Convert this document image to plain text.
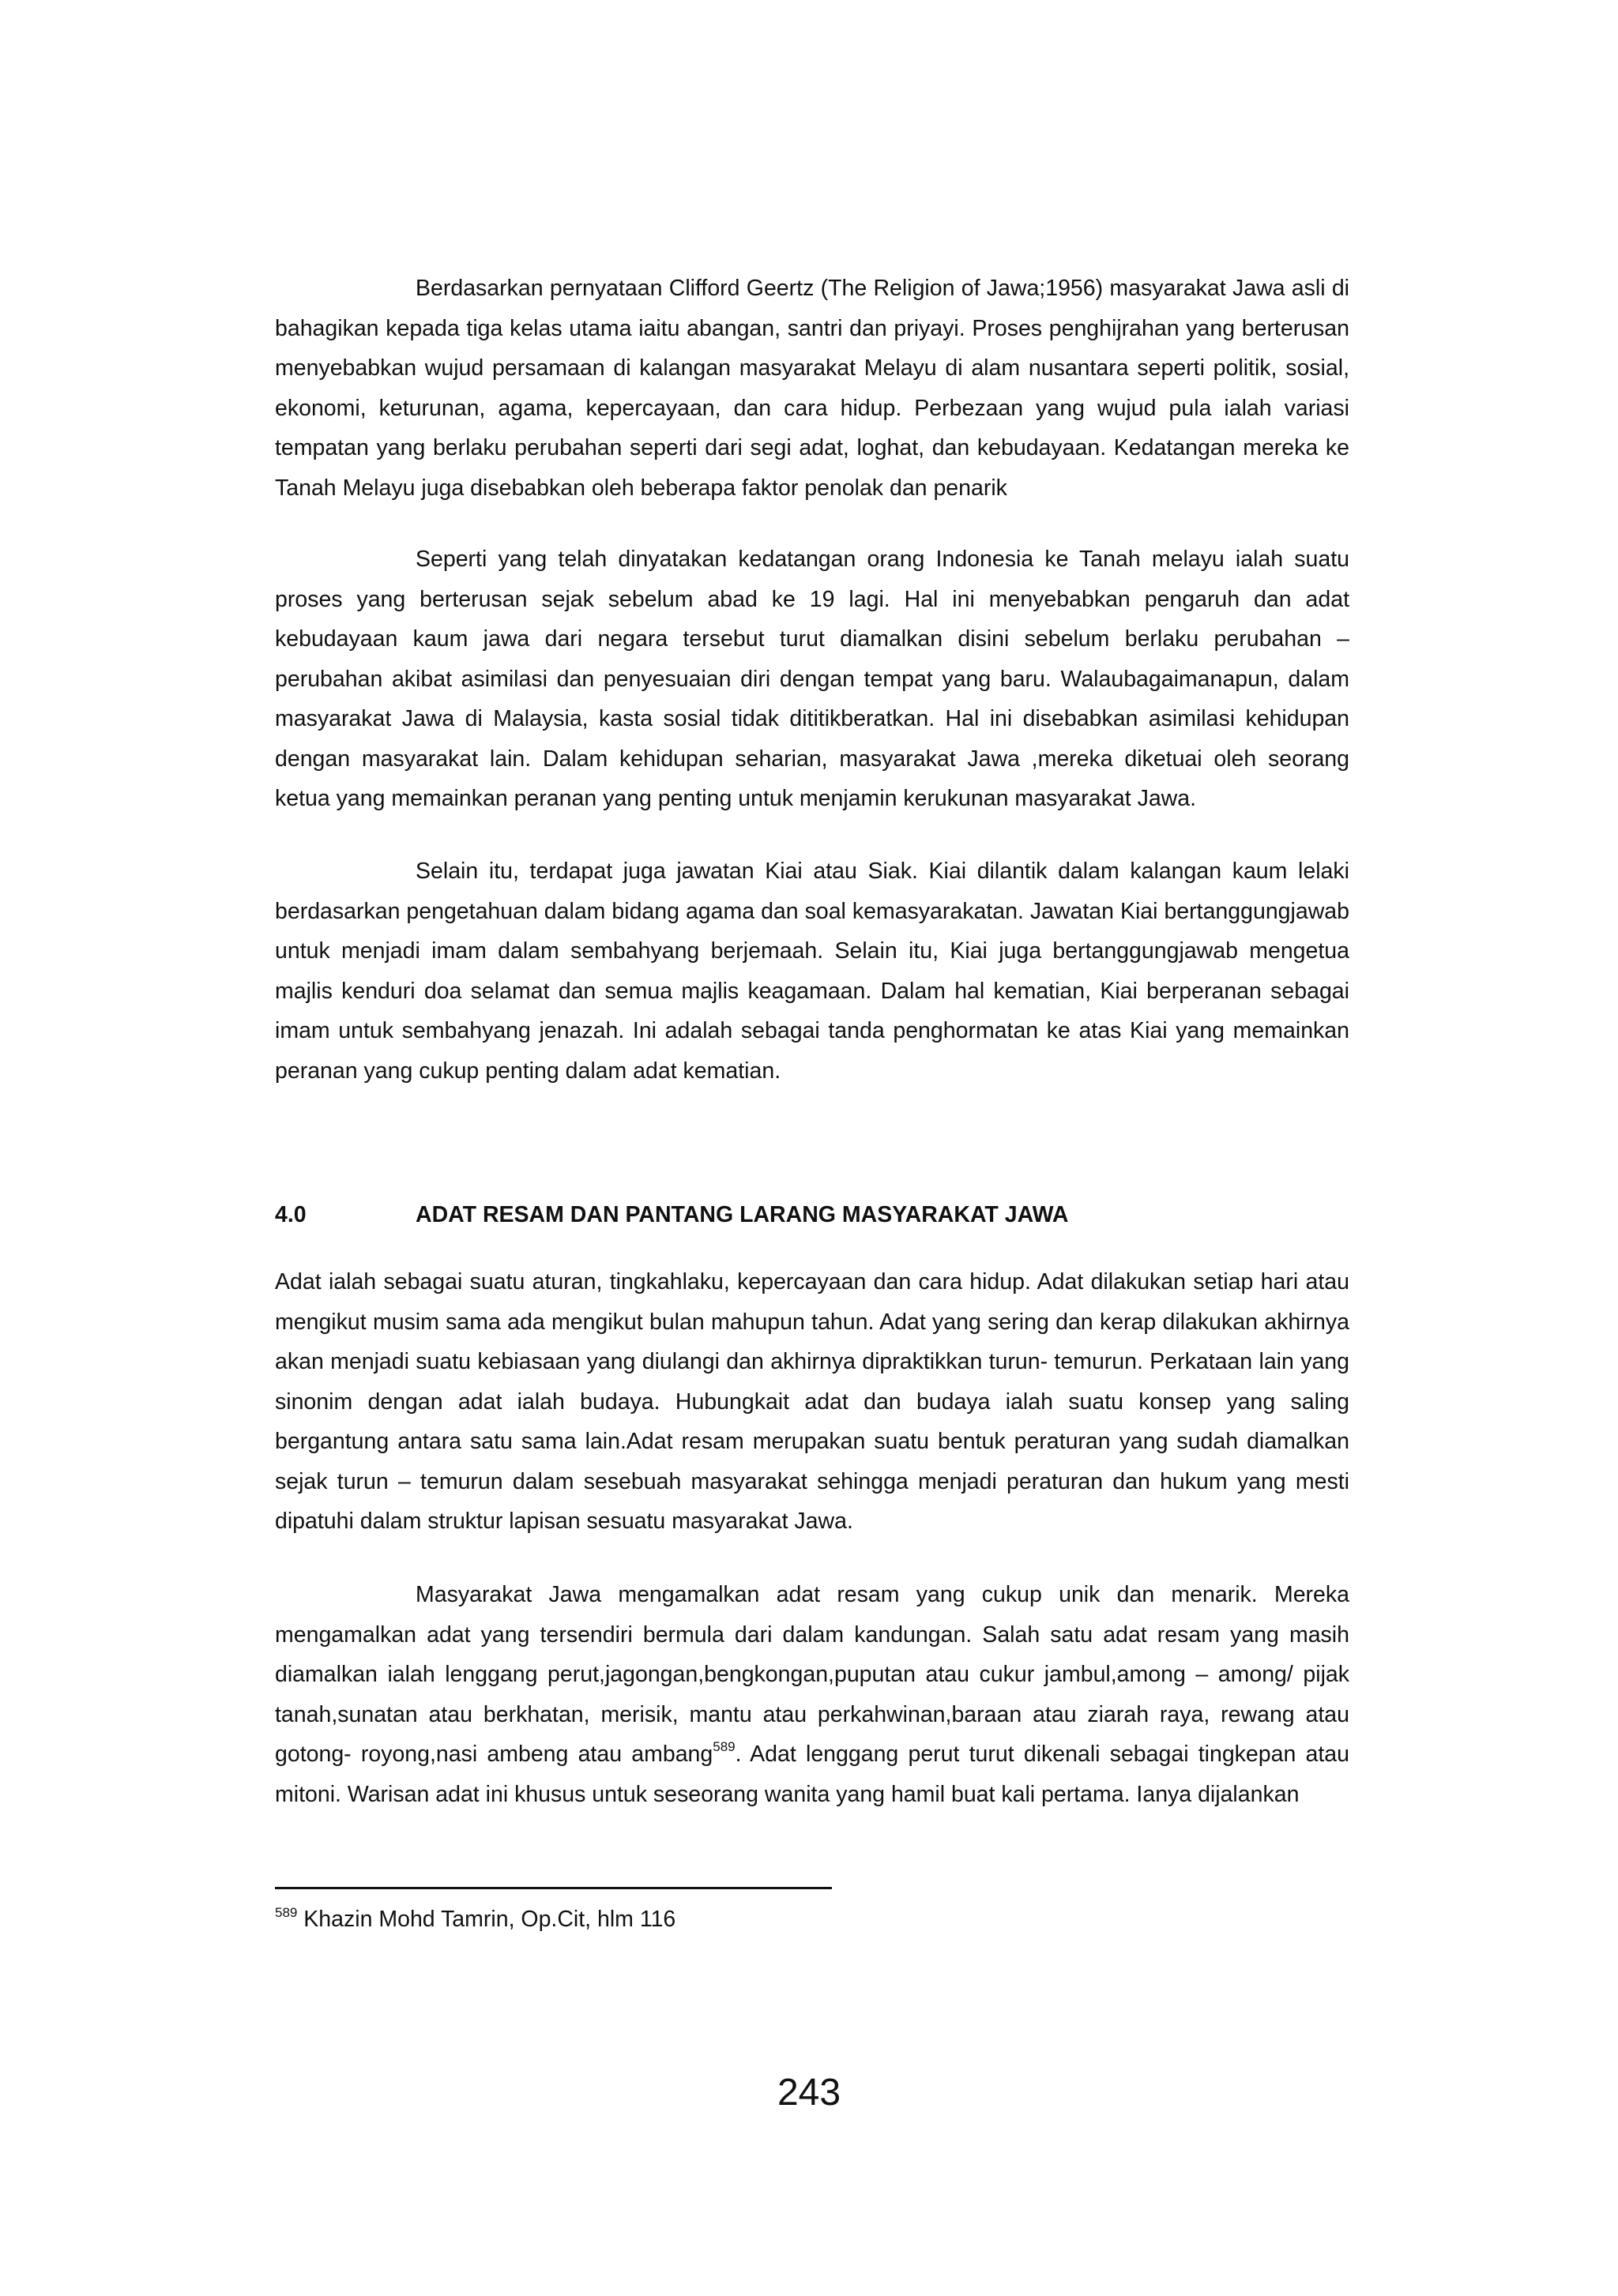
Berdasarkan pernyataan Clifford Geertz (The Religion of Jawa;1956) masyarakat Jawa asli di bahagikan kepada tiga kelas utama iaitu abangan, santri dan priyayi. Proses penghijrahan yang berterusan menyebabkan wujud persamaan di kalangan masyarakat Melayu di alam nusantara seperti politik, sosial, ekonomi, keturunan, agama, kepercayaan, dan cara hidup. Perbezaan yang wujud pula ialah variasi tempatan yang berlaku perubahan seperti dari segi adat, loghat, dan kebudayaan. Kedatangan mereka ke Tanah Melayu juga disebabkan oleh beberapa faktor penolak dan penarik

Seperti yang telah dinyatakan kedatangan orang Indonesia ke Tanah melayu ialah suatu proses yang berterusan sejak sebelum abad ke 19 lagi. Hal ini menyebabkan pengaruh dan adat kebudayaan kaum jawa dari negara tersebut turut diamalkan disini sebelum berlaku perubahan – perubahan akibat asimilasi dan penyesuaian diri dengan tempat yang baru. Walaubagaimanapun, dalam masyarakat Jawa di Malaysia, kasta sosial tidak dititikberatkan. Hal ini disebabkan asimilasi kehidupan dengan masyarakat lain. Dalam kehidupan seharian, masyarakat Jawa ,mereka diketuai oleh seorang ketua yang memainkan peranan yang penting untuk menjamin kerukunan masyarakat Jawa.

Selain itu, terdapat juga jawatan Kiai atau Siak. Kiai dilantik dalam kalangan kaum lelaki berdasarkan pengetahuan dalam bidang agama dan soal kemasyarakatan. Jawatan Kiai bertanggungjawab untuk menjadi imam dalam sembahyang berjemaah. Selain itu, Kiai juga bertanggungjawab mengetua majlis kenduri doa selamat dan semua majlis keagamaan. Dalam hal kematian, Kiai berperanan sebagai imam untuk sembahyang jenazah. Ini adalah sebagai tanda penghormatan ke atas Kiai yang memainkan peranan yang cukup penting dalam adat kematian.

4.0	ADAT RESAM DAN PANTANG LARANG MASYARAKAT JAWA

Adat ialah sebagai suatu aturan, tingkahlaku, kepercayaan dan cara hidup. Adat dilakukan setiap hari atau mengikut musim sama ada mengikut bulan mahupun tahun. Adat yang sering dan kerap dilakukan akhirnya akan menjadi suatu kebiasaan yang diulangi dan akhirnya dipraktikkan turun- temurun. Perkataan lain yang sinonim dengan adat ialah budaya. Hubungkait adat dan budaya ialah suatu konsep yang saling bergantung antara satu sama lain.Adat resam merupakan suatu bentuk peraturan yang sudah diamalkan sejak turun – temurun dalam sesebuah masyarakat sehingga menjadi peraturan dan hukum yang mesti dipatuhi dalam struktur lapisan sesuatu masyarakat Jawa.

Masyarakat Jawa mengamalkan adat resam yang cukup unik dan menarik. Mereka mengamalkan adat yang tersendiri bermula dari dalam kandungan. Salah satu adat resam yang masih diamalkan ialah lenggang perut,jagongan,bengkongan,puputan atau cukur jambul,among – among/ pijak tanah,sunatan atau berkhatan, merisik, mantu atau perkahwinan,baraan atau ziarah raya, rewang atau gotong- royong,nasi ambeng atau ambang$^{589}$. Adat lenggang perut turut dikenali sebagai tingkepan atau mitoni. Warisan adat ini khusus untuk seseorang wanita yang hamil buat kali pertama. Ianya dijalankan

$^{589}$ Khazin Mohd Tamrin, Op.Cit, hlm 116
243
